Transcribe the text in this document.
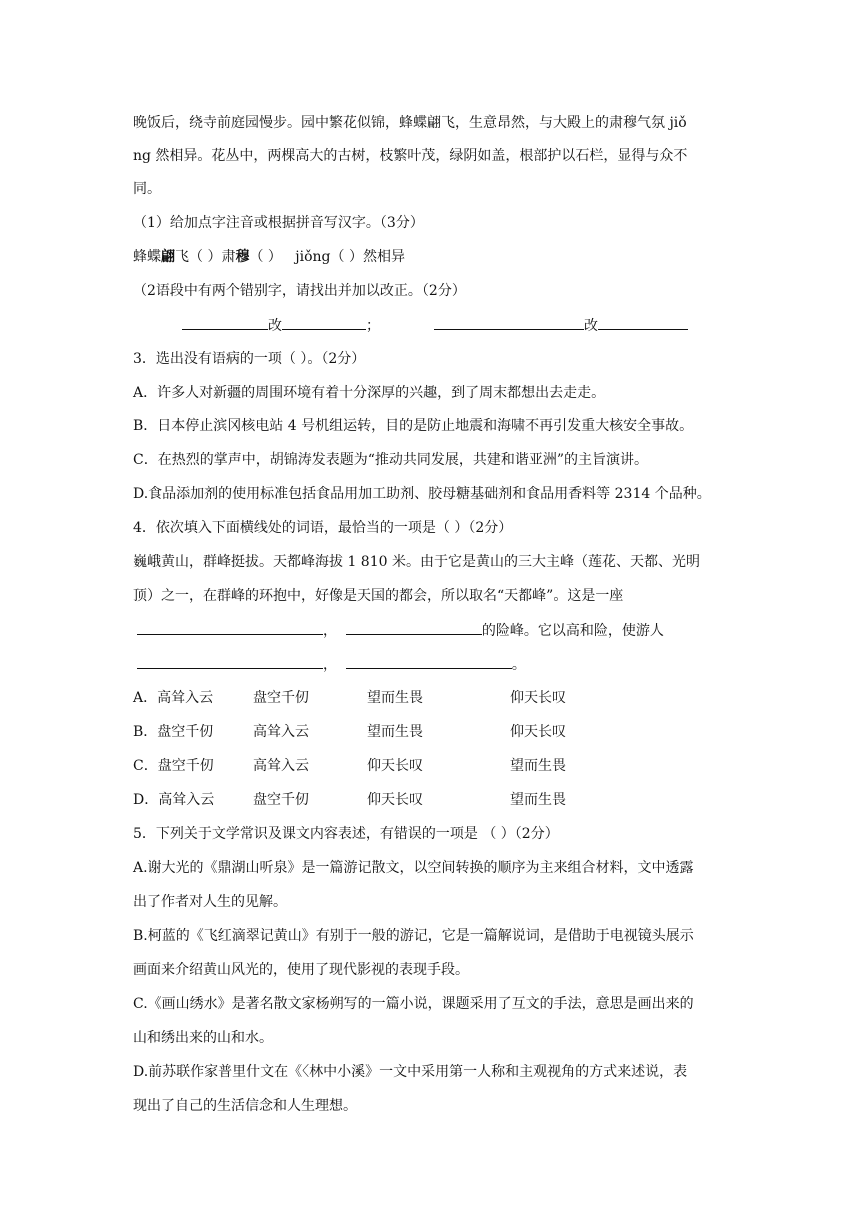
晚饭后，绕寺前庭园慢步。园中繁花似锦，蜂蝶翩飞，生意昂然，与大殿上的肃穆气氛 jiǒ
ng 然相异。花丛中，两棵高大的古树，枝繁叶茂，绿阴如盖，根部护以石栏，显得与众不
同。
（1）给加点字注音或根据拼音写汉字。（3分）
蜂蝶翩飞（ ）肃穆（ ） jiǒng（ ）然相异
（2语段中有两个错别字，请找出并加以改正。（2分）
改	；	改
3．选出没有语病的一项（ ）。（2分）
A．许多人对新疆的周围环境有着十分深厚的兴趣，到了周末都想出去走走。
B．日本停止滨冈核电站 4 号机组运转，目的是防止地震和海啸不再引发重大核安全事故。
C．在热烈的掌声中，胡锦涛发表题为“推动共同发展，共建和谐亚洲”的主旨演讲。
D.食品添加剂的使用标准包括食品用加工助剂、胶母糖基础剂和食品用香料等 2314 个品种。
4．依次填入下面横线处的词语，最恰当的一项是（ ）（2分）
巍峨黄山，群峰挺拔。天都峰海拔 1 810 米。由于它是黄山的三大主峰（莲花、天都、光明
顶）之一，在群峰的环抱中，好像是天国的都会，所以取名“天都峰”。这是一座
，	的险峰。它以高和险，使游人
，	。
A．高耸入云	盘空千仞	望而生畏	仰天长叹
B．盘空千仞	高耸入云	望而生畏	仰天长叹
C．盘空千仞	高耸入云	仰天长叹	望而生畏
D．高耸入云	盘空千仞	仰天长叹	望而生畏
5．下列关于文学常识及课文内容表述，有错误的一项是 （ ）（2分）
A.谢大光的《鼎湖山听泉》是一篇游记散文，以空间转换的顺序为主来组合材料，文中透露
出了作者对人生的见解。
B.柯蓝的《飞红滴翠记黄山》有别于一般的游记，它是一篇解说词，是借助于电视镜头展示
画面来介绍黄山风光的，使用了现代影视的表现手段。
C.《画山绣水》是著名散文家杨朔写的一篇小说，课题采用了互文的手法，意思是画出来的
山和绣出来的山和水。
D.前苏联作家普里什文在《〈林中小溪》一文中采用第一人称和主观视角的方式来述说，表
现出了自己的生活信念和人生理想。
